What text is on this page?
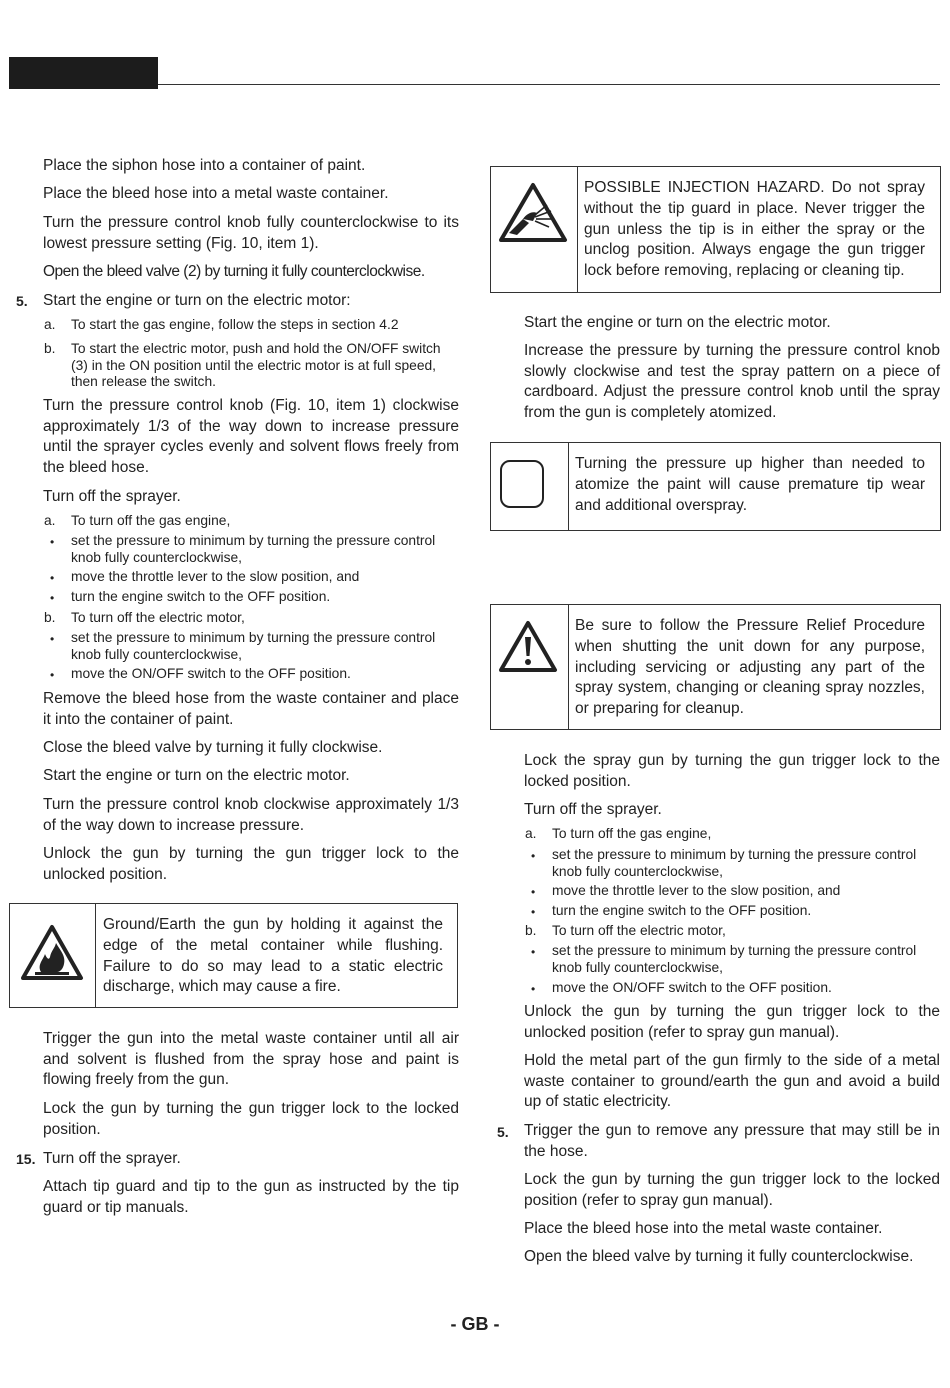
Place the siphon hose into a container of paint.

Place the bleed hose into a metal waste container.

Turn the pressure control knob fully counterclockwise to its lowest pressure setting (Fig. 10, item 1).

Open the bleed valve (2) by turning it fully counterclockwise.

5. Start the engine or turn on the electric motor:

a. To start the gas engine, follow the steps in section 4.2

b. To start the electric motor, push and hold the ON/OFF switch (3) in the ON position until the electric motor is at full speed, then release the switch.

Turn the pressure control knob (Fig. 10, item 1) clockwise approximately 1/3 of the way down to increase pressure until the sprayer cycles evenly and solvent flows freely from the bleed hose.

Turn off the sprayer.

a. To turn off the gas engine,

• set the pressure to minimum by turning the pressure control knob fully counterclockwise,

• move the throttle lever to the slow position, and

• turn the engine switch to the OFF position.

b. To turn off the electric motor,

• set the pressure to minimum by turning the pressure control knob fully counterclockwise,

• move the ON/OFF switch to the OFF position.

Remove the bleed hose from the waste container and place it into the container of paint.

Close the bleed valve by turning it fully clockwise.

Start the engine or turn on the electric motor.

Turn the pressure control knob clockwise approximately 1/3 of the way down to increase pressure.

Unlock the gun by turning the gun trigger lock to the unlocked position.

Ground/Earth the gun by holding it against the edge of the metal container while flushing. Failure to do so may lead to a static electric discharge, which may cause a fire.

Trigger the gun into the metal waste container until all air and solvent is flushed from the spray hose and paint is flowing freely from the gun.

Lock the gun by turning the gun trigger lock to the locked position.

15. Turn off the sprayer.

Attach tip guard and tip to the gun as instructed by the tip guard or tip manuals.

POSSIBLE INJECTION HAZARD. Do not spray without the tip guard in place. Never trigger the gun unless the tip is in either the spray or the unclog position. Always engage the gun trigger lock before removing, replacing or cleaning tip.

Start the engine or turn on the electric motor.

Increase the pressure by turning the pressure control knob slowly clockwise and test the spray pattern on a piece of cardboard. Adjust the pressure control knob until the spray from the gun is completely atomized.

Turning the pressure up higher than needed to atomize the paint will cause premature tip wear and additional overspray.

Be sure to follow the Pressure Relief Procedure when shutting the unit down for any purpose, including servicing or adjusting any part of the spray system, changing or cleaning spray nozzles, or preparing for cleanup.

Lock the spray gun by turning the gun trigger lock to the locked position.

Turn off the sprayer.

a. To turn off the gas engine,

• set the pressure to minimum by turning the pressure control knob fully counterclockwise,

• move the throttle lever to the slow position, and

• turn the engine switch to the OFF position.

b. To turn off the electric motor,

• set the pressure to minimum by turning the pressure control knob fully counterclockwise,

• move the ON/OFF switch to the OFF position.

Unlock the gun by turning the gun trigger lock to the unlocked position (refer to spray gun manual).

Hold the metal part of the gun firmly to the side of a metal waste container to ground/earth the gun and avoid a build up of static electricity.

5. Trigger the gun to remove any pressure that may still be in the hose.

Lock the gun by turning the gun trigger lock to the locked position (refer to spray gun manual).

Place the bleed hose into the metal waste container.

Open the bleed valve by turning it fully counterclockwise.

- GB -
